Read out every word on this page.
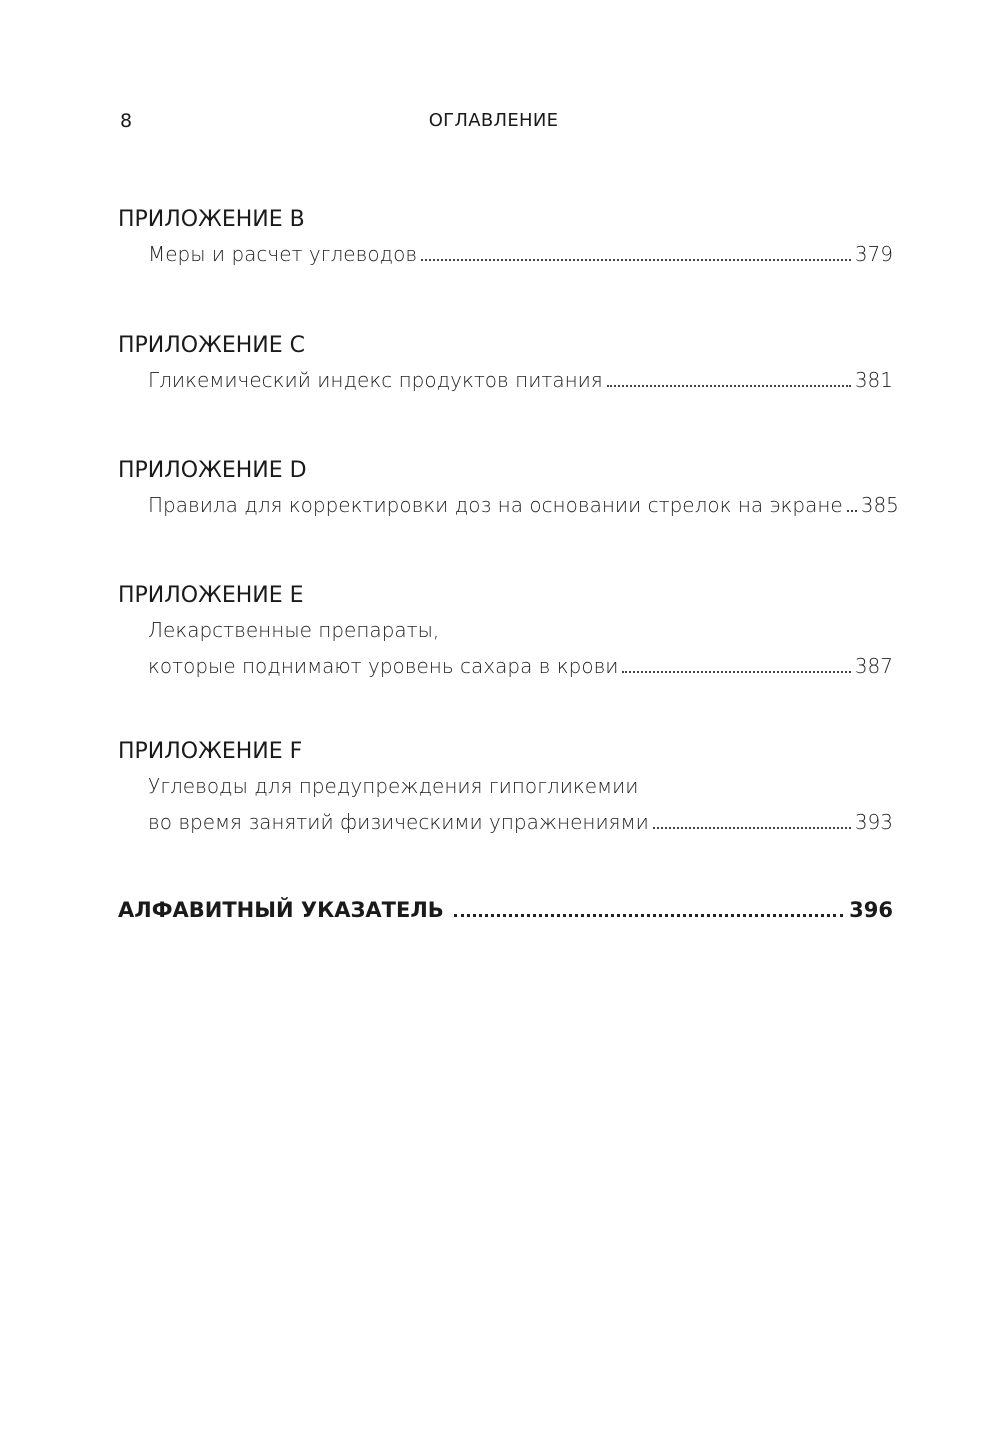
8	ОГЛАВЛЕНИЕ
ПРИЛОЖЕНИЕ B
Меры и расчет углеводов	379
ПРИЛОЖЕНИЕ C
Гликемический индекс продуктов питания	381
ПРИЛОЖЕНИЕ D
Правила для корректировки доз на основании стрелок на экране 385
ПРИЛОЖЕНИЕ E
Лекарственные препараты,
которые поднимают уровень сахара в крови	387
ПРИЛОЖЕНИЕ F
Углеводы для предупреждения гипогликемии
во время занятий физическими упражнениями	393
АЛФАВИТНЫЙ УКАЗАТЕЛЬ	396
